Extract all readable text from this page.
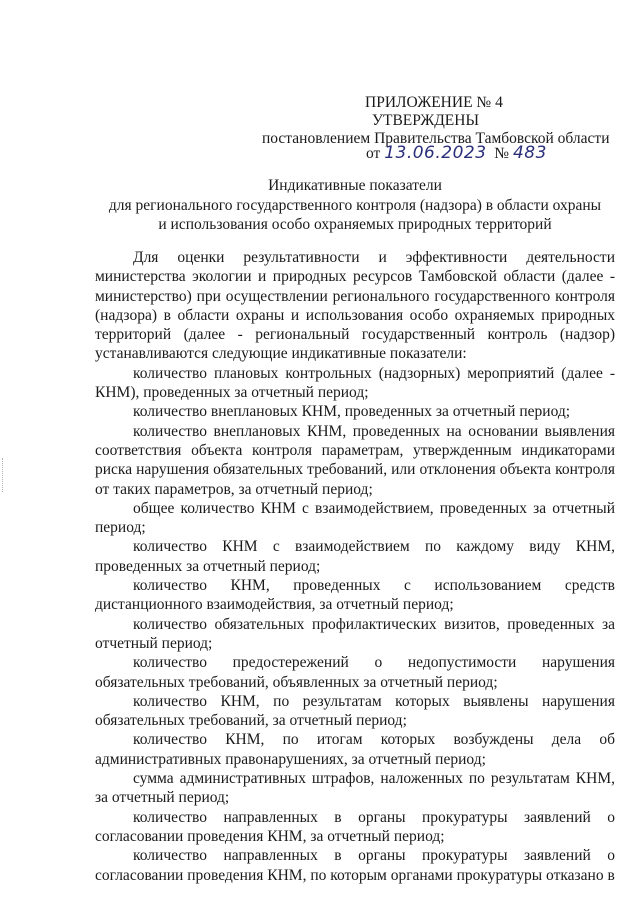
ПРИЛОЖЕНИЕ № 4
УТВЕРЖДЕНЫ
постановлением Правительства Тамбовской области
от 13.06.2023 № 483
Индикативные показатели
для регионального государственного контроля (надзора) в области охраны
и использования особо охраняемых природных территорий

Для оценки результативности и эффективности деятельности министерства экологии и природных ресурсов Тамбовской области (далее - министерство) при осуществлении регионального государственного контроля (надзора) в области охраны и использования особо охраняемых природных территорий (далее - региональный государственный контроль (надзор) устанавливаются следующие индикативные показатели:

количество плановых контрольных (надзорных) мероприятий (далее - КНМ), проведенных за отчетный период;

количество внеплановых КНМ, проведенных за отчетный период;

количество внеплановых КНМ, проведенных на основании выявления соответствия объекта контроля параметрам, утвержденным индикаторами риска нарушения обязательных требований, или отклонения объекта контроля от таких параметров, за отчетный период;

общее количество КНМ с взаимодействием, проведенных за отчетный период;

количество КНМ с взаимодействием по каждому виду КНМ, проведенных за отчетный период;

количество КНМ, проведенных с использованием средств дистанционного взаимодействия, за отчетный период;

количество обязательных профилактических визитов, проведенных за отчетный период;

количество предостережений о недопустимости нарушения обязательных требований, объявленных за отчетный период;

количество КНМ, по результатам которых выявлены нарушения обязательных требований, за отчетный период;

количество КНМ, по итогам которых возбуждены дела об административных правонарушениях, за отчетный период;

сумма административных штрафов, наложенных по результатам КНМ, за отчетный период;

количество направленных в органы прокуратуры заявлений о согласовании проведения КНМ, за отчетный период;

количество направленных в органы прокуратуры заявлений о согласовании проведения КНМ, по которым органами прокуратуры отказано в
